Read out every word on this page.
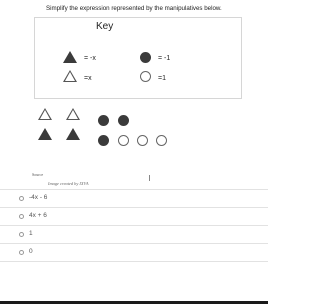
Simplify the expression represented by the manipulatives below.
Key
= -x	= -1
=x	=1
Source
Image created by IXVA
-4x - 6
4x + 6
1
0
